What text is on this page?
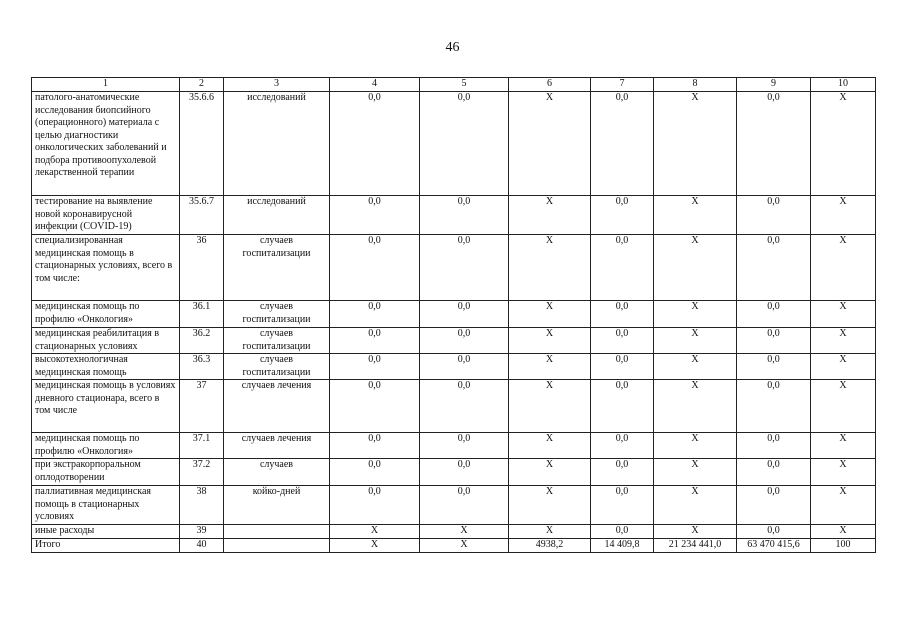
46
1	2	3	4	5	6	7	8	9	10
патолого-анатомические исследования биопсийного (операционного) материала с целью диагностики онкологических заболеваний и подбора противоопухолевой лекарственной терапии	35.6.6	исследований	0,0	0,0	Х	0,0	Х	0,0	Х
тестирование на выявление новой коронавирусной инфекции (COVID-19)	35.6.7	исследований	0,0	0,0	Х	0,0	Х	0,0	Х
специализированная медицинская помощь в стационарных условиях, всего в том числе:	36	случаев госпитализации	0,0	0,0	Х	0,0	Х	0,0	Х
медицинская помощь по профилю «Онкология»	36.1	случаев госпитализации	0,0	0,0	Х	0,0	Х	0,0	Х
медицинская реабилитация в стационарных условиях	36.2	случаев госпитализации	0,0	0,0	Х	0,0	Х	0,0	Х
высокотехнологичная медицинская помощь	36.3	случаев госпитализации	0,0	0,0	Х	0,0	Х	0,0	Х
медицинская помощь в условиях дневного стационара, всего в том числе	37	случаев лечения	0,0	0,0	Х	0,0	Х	0,0	Х
медицинская помощь по профилю «Онкология»	37.1	случаев лечения	0,0	0,0	Х	0,0	Х	0,0	Х
при экстракорпоральном оплодотворении	37.2	случаев	0,0	0,0	Х	0,0	Х	0,0	Х
паллиативная медицинская помощь в стационарных условиях	38	койко-дней	0,0	0,0	Х	0,0	Х	0,0	Х
иные расходы	39		Х	Х	Х	0,0	Х	0,0	Х
Итого	40		Х	Х	4938,2	14 409,8	21 234 441,0	63 470 415,6	100
